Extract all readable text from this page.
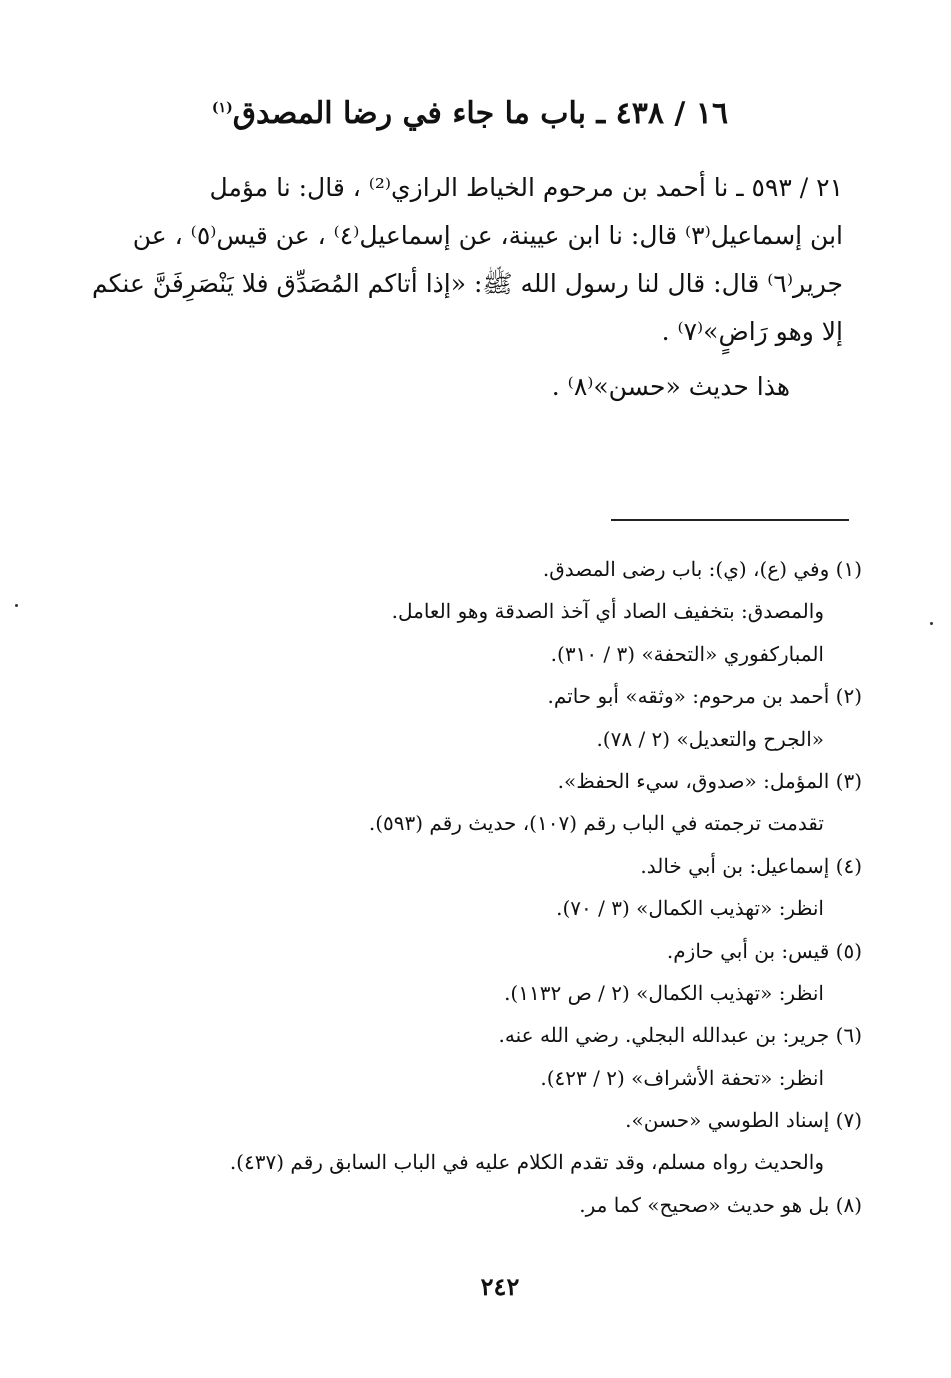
١٦ / ٤٣٨ ـ باب ما جاء في رضا المصدق$^{(١)}$

٢١ / ٥٩٣ ـ نا أحمد بن مرحوم الخياط الرازي⁽²⁾ ، قال: نا مؤمل

ابن إسماعيل⁽٣⁾ قال: نا ابن عيينة، عن إسماعيل⁽٤⁾ ، عن قيس⁽٥⁾ ، عن

جرير⁽٦⁾ قال: قال لنا رسول الله ﷺ: «إذا أتاكم المُصَدِّق فلا يَنْصَرِفَنَّ عنكم

إلا وهو رَاضٍ»⁽٧⁾ .

هذا حديث «حسن»⁽٨⁾ .
(١) وفي (ع)، (ي): باب رضى المصدق.
والمصدق: بتخفيف الصاد أي آخذ الصدقة وهو العامل.
المباركفوري «التحفة» (٣ / ٣١٠).
(٢) أحمد بن مرحوم: «وثقه» أبو حاتم.
«الجرح والتعديل» (٢ / ٧٨).
(٣) المؤمل: «صدوق، سيء الحفظ».
تقدمت ترجمته في الباب رقم (١٠٧)، حديث رقم (٥٩٣).
(٤) إسماعيل: بن أبي خالد.
انظر: «تهذيب الكمال» (٣ / ٧٠).
(٥) قيس: بن أبي حازم.
انظر: «تهذيب الكمال» (٢ / ص ١١٣٢).
(٦) جرير: بن عبدالله البجلي. رضي الله عنه.
انظر: «تحفة الأشراف» (٢ / ٤٢٣).
(٧) إسناد الطوسي «حسن».
والحديث رواه مسلم، وقد تقدم الكلام عليه في الباب السابق رقم (٤٣٧).
(٨) بل هو حديث «صحيح» كما مر.
٢٤٢
